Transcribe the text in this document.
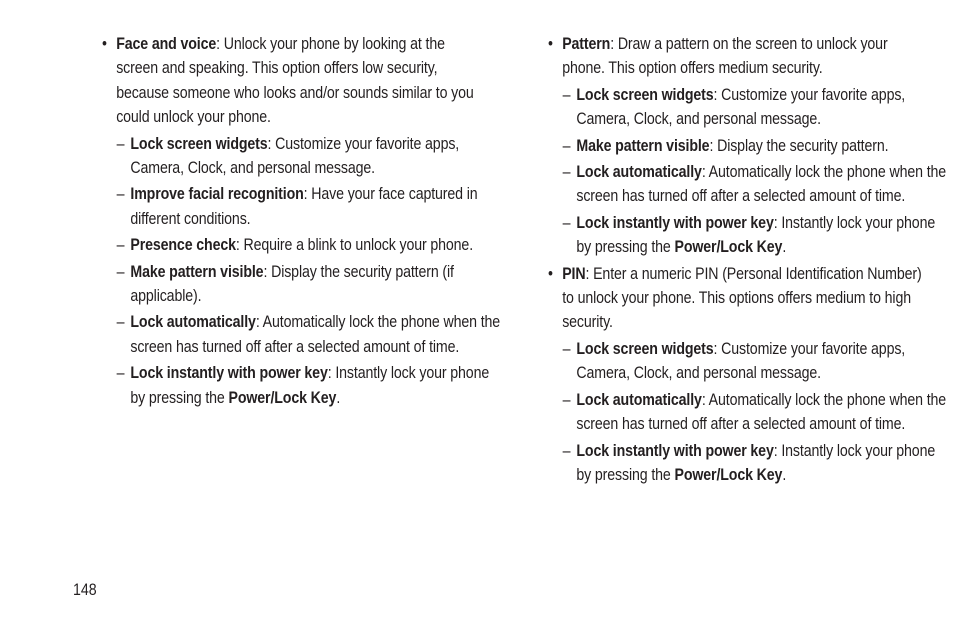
• Face and voice: Unlock your phone by looking at the screen and speaking. This option offers low security, because someone who looks and/or sounds similar to you could unlock your phone.
– Lock screen widgets: Customize your favorite apps, Camera, Clock, and personal message.
– Improve facial recognition: Have your face captured in different conditions.
– Presence check: Require a blink to unlock your phone.
– Make pattern visible: Display the security pattern (if applicable).
– Lock automatically: Automatically lock the phone when the screen has turned off after a selected amount of time.
– Lock instantly with power key: Instantly lock your phone by pressing the Power/Lock Key.
• Pattern: Draw a pattern on the screen to unlock your phone. This option offers medium security.
– Lock screen widgets: Customize your favorite apps, Camera, Clock, and personal message.
– Make pattern visible: Display the security pattern.
– Lock automatically: Automatically lock the phone when the screen has turned off after a selected amount of time.
– Lock instantly with power key: Instantly lock your phone by pressing the Power/Lock Key.
• PIN: Enter a numeric PIN (Personal Identification Number) to unlock your phone. This options offers medium to high security.
– Lock screen widgets: Customize your favorite apps, Camera, Clock, and personal message.
– Lock automatically: Automatically lock the phone when the screen has turned off after a selected amount of time.
– Lock instantly with power key: Instantly lock your phone by pressing the Power/Lock Key.
148
